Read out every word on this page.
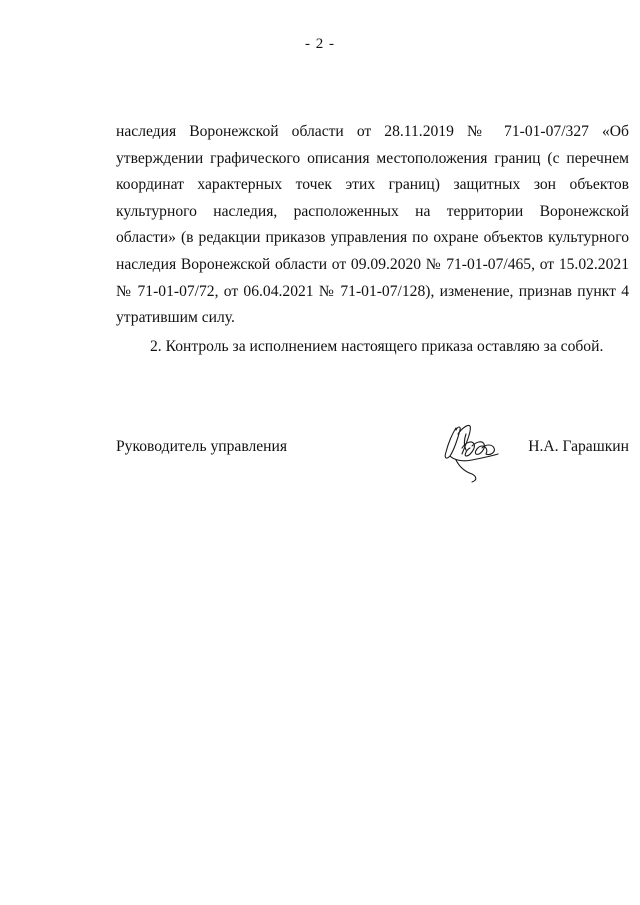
- 2 -

наследия Воронежской области от 28.11.2019 № 71-01-07/327 «Об утверждении графического описания местоположения границ (с перечнем координат характерных точек этих границ) защитных зон объектов культурного наследия, расположенных на территории Воронежской области» (в редакции приказов управления по охране объектов культурного наследия Воронежской области от 09.09.2020 № 71-01-07/465, от 15.02.2021 № 71-01-07/72, от 06.04.2021 № 71-01-07/128), изменение, признав пункт 4 утратившим силу.

2. Контроль за исполнением настоящего приказа оставляю за собой.

Руководитель управления	Н.А. Гарашкин
